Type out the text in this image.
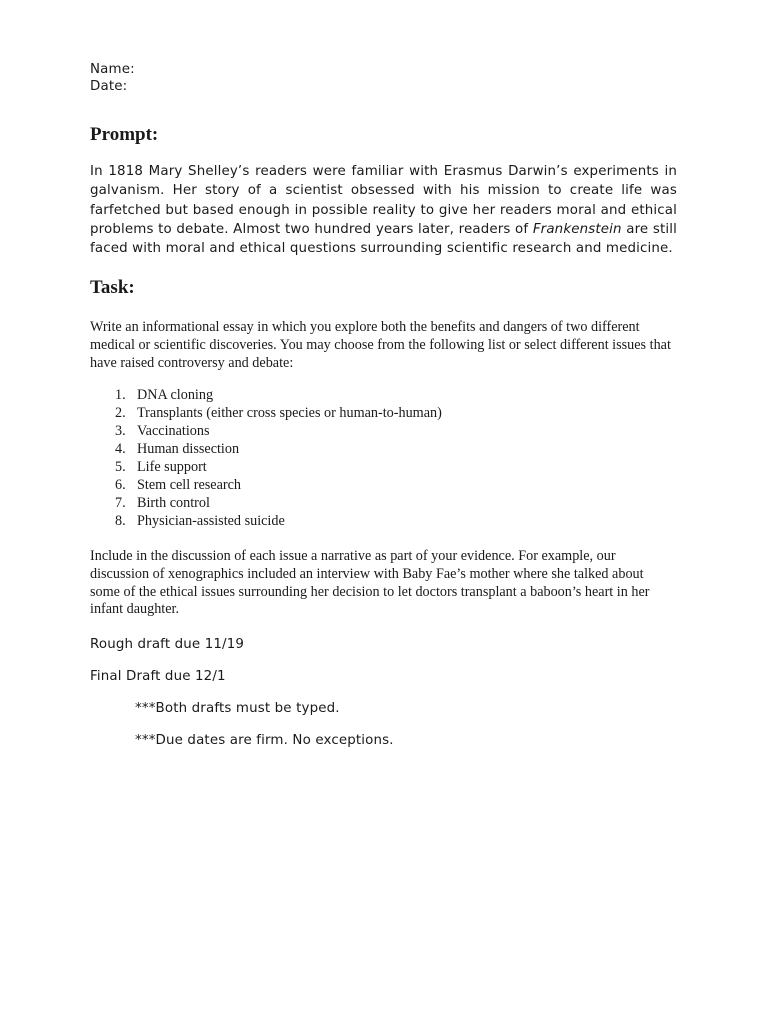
Name:

Date:

Prompt:

In 1818 Mary Shelley’s readers were familiar with Erasmus Darwin’s experiments in galvanism. Her story of a scientist obsessed with his mission to create life was farfetched but based enough in possible reality to give her readers moral and ethical problems to debate. Almost two hundred years later, readers of Frankenstein are still faced with moral and ethical questions surrounding scientific research and medicine.

Task:

Write an informational essay in which you explore both the benefits and dangers of two different medical or scientific discoveries. You may choose from the following list or select different issues that have raised controversy and debate:

1. DNA cloning
2. Transplants (either cross species or human-to-human)
3. Vaccinations
4. Human dissection
5. Life support
6. Stem cell research
7. Birth control
8. Physician-assisted suicide

Include in the discussion of each issue a narrative as part of your evidence. For example, our discussion of xenographics included an interview with Baby Fae’s mother where she talked about some of the ethical issues surrounding her decision to let doctors transplant a baboon’s heart in her infant daughter.

Rough draft due 11/19

Final Draft due 12/1

***Both drafts must be typed.

***Due dates are firm. No exceptions.
